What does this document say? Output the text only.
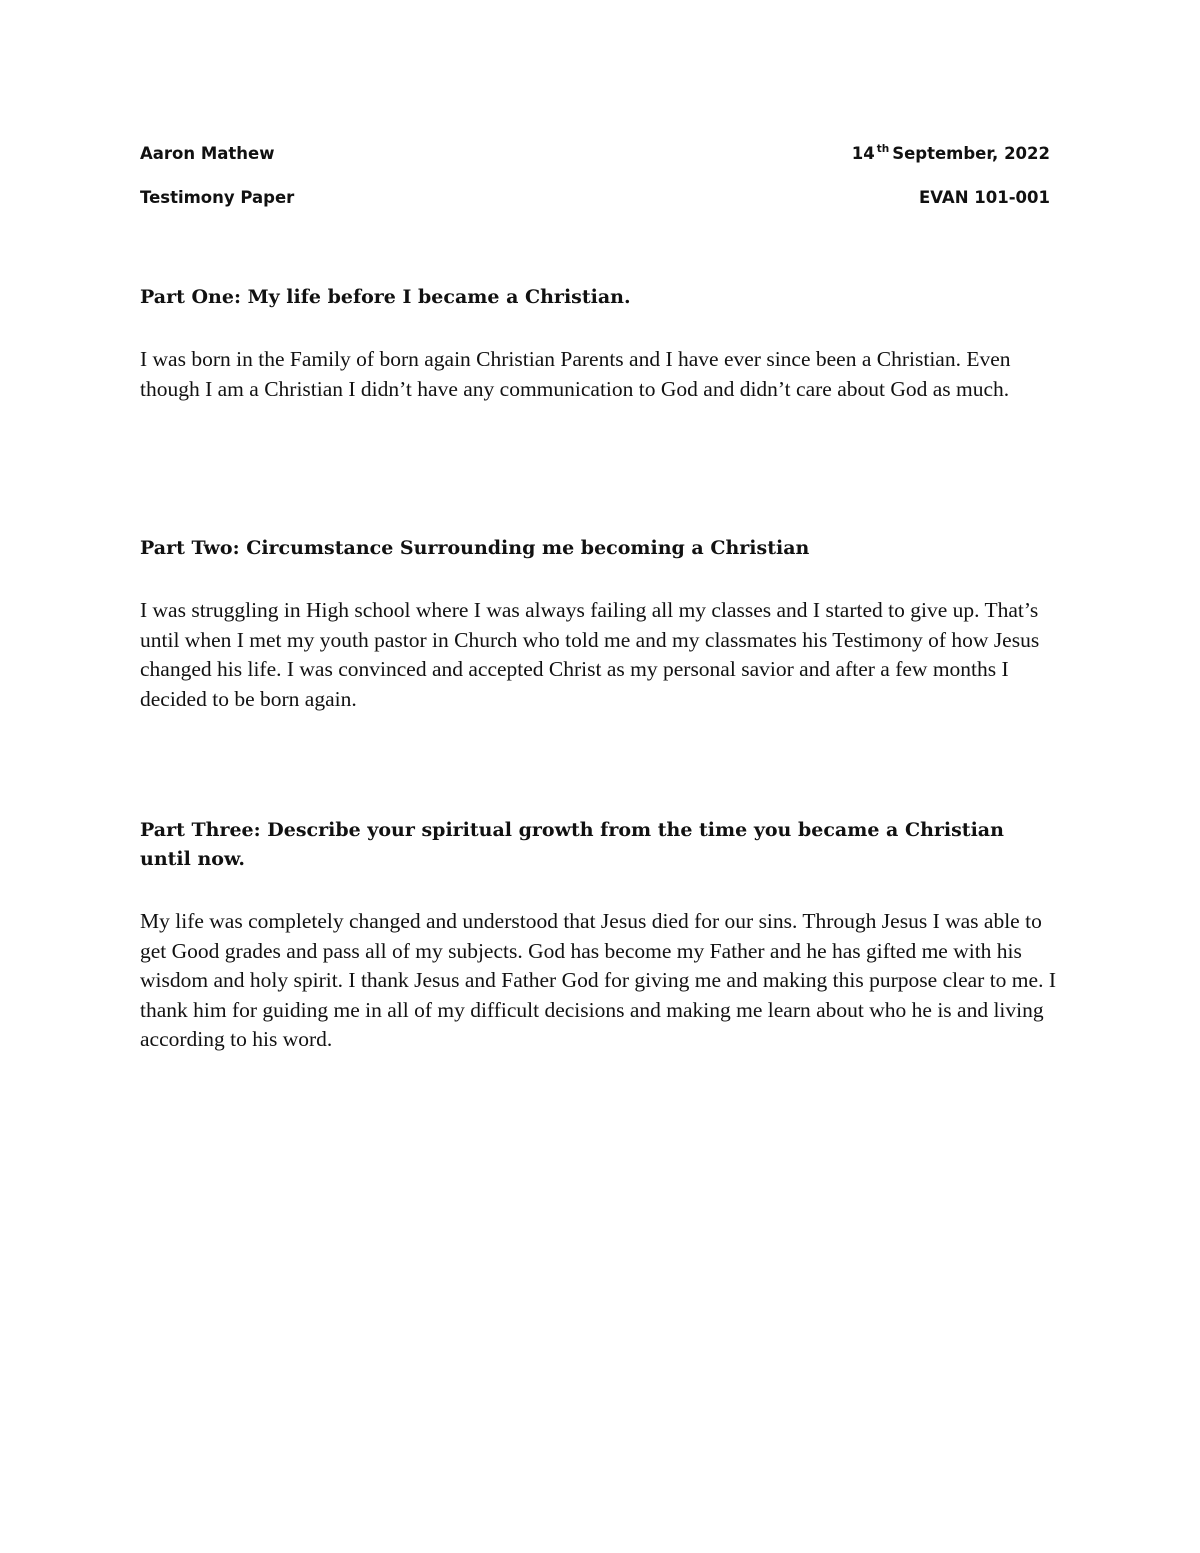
Aaron Mathew	14 $^{th}$ September, 2022
Testimony Paper	EVAN 101-001
Part One: My life before I became a Christian.

I was born in the Family of born again Christian Parents and I have ever since been a Christian. Even though I am a Christian I didn’t have any communication to God and didn’t care about God as much.

Part Two: Circumstance Surrounding me becoming a Christian

I was struggling in High school where I was always failing all my classes and I started to give up. That’s until when I met my youth pastor in Church who told me and my classmates his Testimony of how Jesus changed his life. I was convinced and accepted Christ as my personal savior and after a few months I decided to be born again.

Part Three: Describe your spiritual growth from the time you became a Christian until now.

My life was completely changed and understood that Jesus died for our sins. Through Jesus I was able to get Good grades and pass all of my subjects. God has become my Father and he has gifted me with his wisdom and holy spirit. I thank Jesus and Father God for giving me and making this purpose clear to me. I thank him for guiding me in all of my difficult decisions and making me learn about who he is and living according to his word.
